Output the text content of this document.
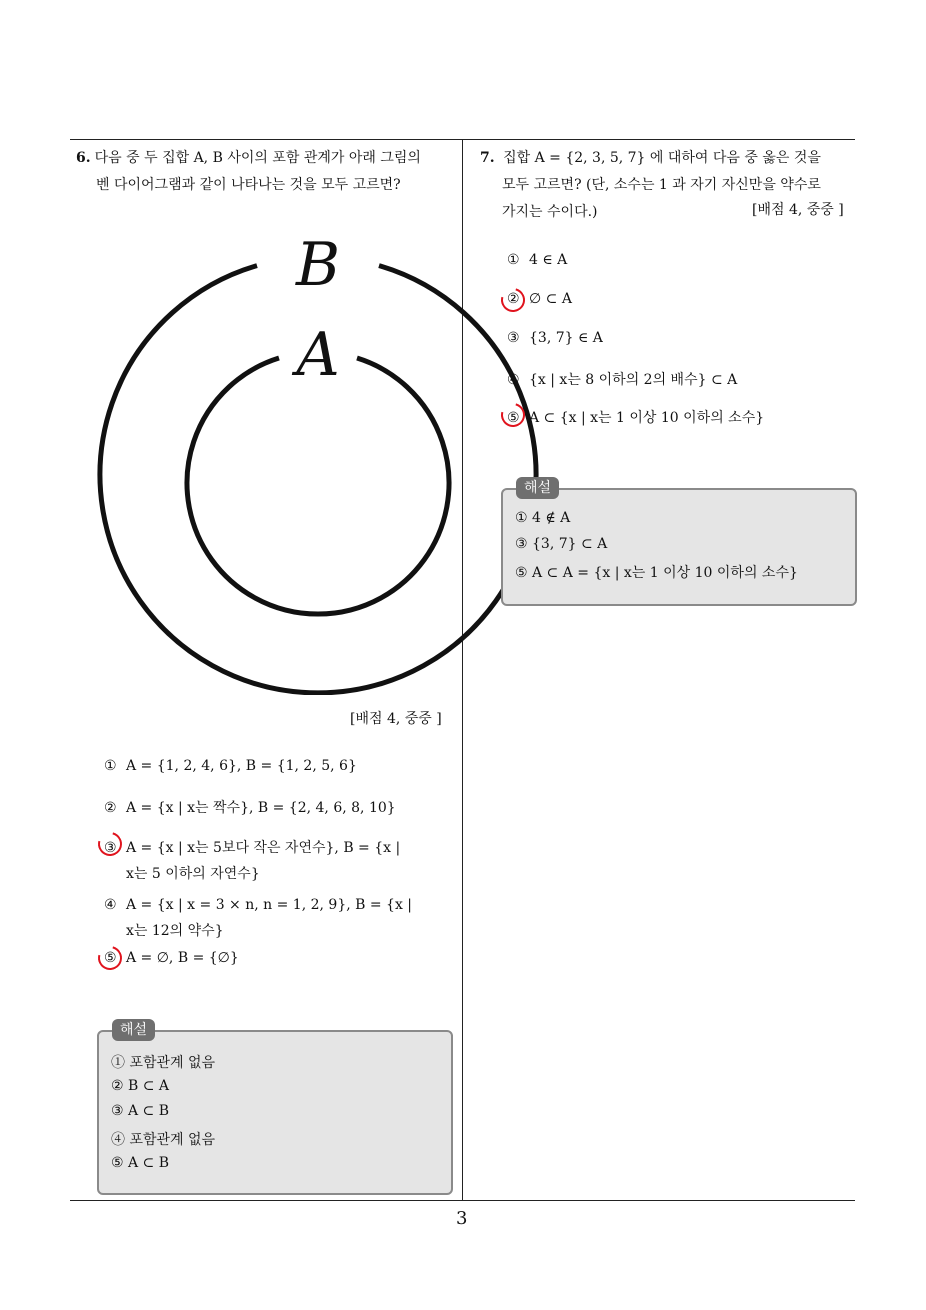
6. 다음 중 두 집합 A, B 사이의 포함 관계가 아래 그림의
벤 다이어그램과 같이 나타나는 것을 모두 고르면?
B
A
[배점 4, 중중 ]
① A = {1, 2, 4, 6}, B = {1, 2, 5, 6}
② A = {x | x는 짝수}, B = {2, 4, 6, 8, 10}
③ A = {x | x는 5보다 작은 자연수}, B = {x |
x는 5 이하의 자연수}
④ A = {x | x = 3 × n, n = 1, 2, 9}, B = {x |
x는 12의 약수}
⑤ A = ∅, B = {∅}
① 포함관계 없음
② B ⊂ A
③ A ⊂ B
④ 포함관계 없음
⑤ A ⊂ B
해설
7. 집합 A = {2, 3, 5, 7} 에 대하여 다음 중 옳은 것을
모두 고르면? (단, 소수는 1 과 자기 자신만을 약수로
가지는 수이다.)	[배점 4, 중중 ]
① 4 ∈ A
② ∅ ⊂ A
③ {3, 7} ∈ A
④ {x | x는 8 이하의 2의 배수} ⊂ A
⑤ A ⊂ {x | x는 1 이상 10 이하의 소수}
① 4 ∉ A
③ {3, 7} ⊂ A
⑤ A ⊂ A = {x | x는 1 이상 10 이하의 소수}
해설
3
